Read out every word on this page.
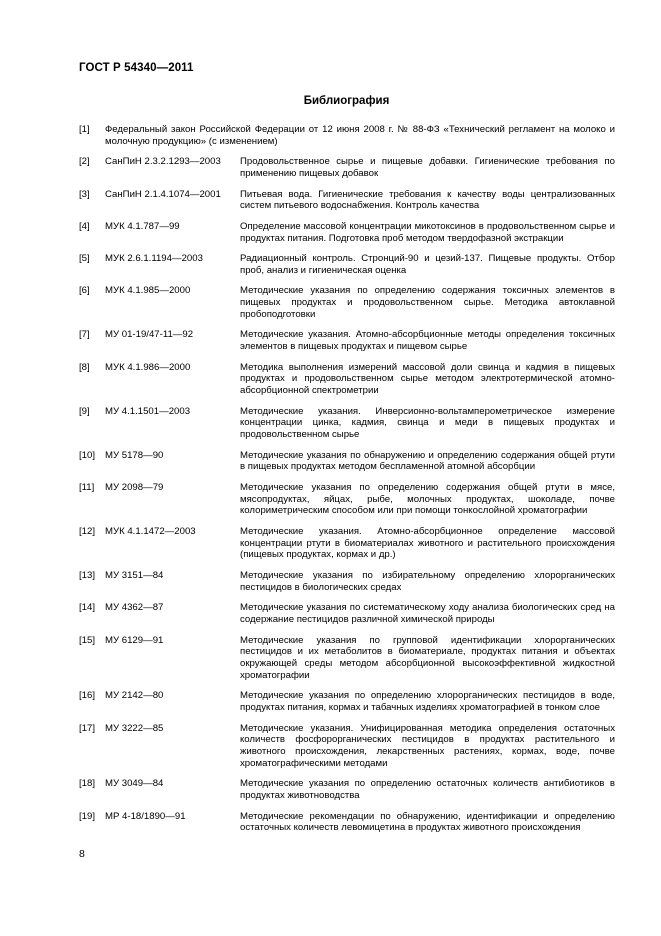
ГОСТ Р 54340—2011
Библиография
[1]	Федеральный закон Российской Федерации от 12 июня 2008 г. № 88-ФЗ «Технический регламент на молоко и молочную продукцию» (с изменением)
[2]	СанПиН 2.3.2.1293—2003	Продовольственное сырье и пищевые добавки. Гигиенические требования по применению пищевых добавок
[3]	СанПиН 2.1.4.1074—2001	Питьевая вода. Гигиенические требования к качеству воды централизованных систем питьевого водоснабжения. Контроль качества
[4]	МУК 4.1.787—99	Определение массовой концентрации микотоксинов в продовольственном сырье и продуктах питания. Подготовка проб методом твердофазной экстракции
[5]	МУК 2.6.1.1194—2003	Радиационный контроль. Стронций-90 и цезий-137. Пищевые продукты. Отбор проб, анализ и гигиеническая оценка
[6]	МУК 4.1.985—2000	Методические указания по определению содержания токсичных элементов в пищевых продуктах и продовольственном сырье. Методика автоклавной пробоподготовки
[7]	МУ 01-19/47-11—92	Методические указания. Атомно-абсорбционные методы определения токсичных элементов в пищевых продуктах и пищевом сырье
[8]	МУК 4.1.986—2000	Методика выполнения измерений массовой доли свинца и кадмия в пищевых продуктах и продовольственном сырье методом электротермической атомно-абсорбционной спектрометрии
[9]	МУ 4.1.1501—2003	Методические указания. Инверсионно-вольтамперометрическое измерение концентрации цинка, кадмия, свинца и меди в пищевых продуктах и продовольственном сырье
[10]	МУ 5178—90	Методические указания по обнаружению и определению содержания общей ртути в пищевых продуктах методом беспламенной атомной абсорбции
[11]	МУ 2098—79	Методические указания по определению содержания общей ртути в мясе, мясопродуктах, яйцах, рыбе, молочных продуктах, шоколаде, почве колориметрическим способом или при помощи тонкослойной хроматографии
[12]	МУК 4.1.1472—2003	Методические указания. Атомно-абсорбционное определение массовой концентрации ртути в биоматериалах животного и растительного происхождения (пищевых продуктах, кормах и др.)
[13]	МУ 3151—84	Методические указания по избирательному определению хлорорганических пестицидов в биологических средах
[14]	МУ 4362—87	Методические указания по систематическому ходу анализа биологических сред на содержание пестицидов различной химической природы
[15]	МУ 6129—91	Методические указания по групповой идентификации хлорорганических пестицидов и их метаболитов в биоматериале, продуктах питания и объектах окружающей среды методом абсорбционной высокоэффективной жидкостной хроматографии
[16]	МУ 2142—80	Методические указания по определению хлорорганических пестицидов в воде, продуктах питания, кормах и табачных изделиях хроматографией в тонком слое
[17]	МУ 3222—85	Методические указания. Унифицированная методика определения остаточных количеств фосфорорганических пестицидов в продуктах растительного и животного происхождения, лекарственных растениях, кормах, воде, почве хроматографическими методами
[18]	МУ 3049—84	Методические указания по определению остаточных количеств антибиотиков в продуктах животноводства
[19]	МР 4-18/1890—91	Методические рекомендации по обнаружению, идентификации и определению остаточных количеств левомицетина в продуктах животного происхождения
8
